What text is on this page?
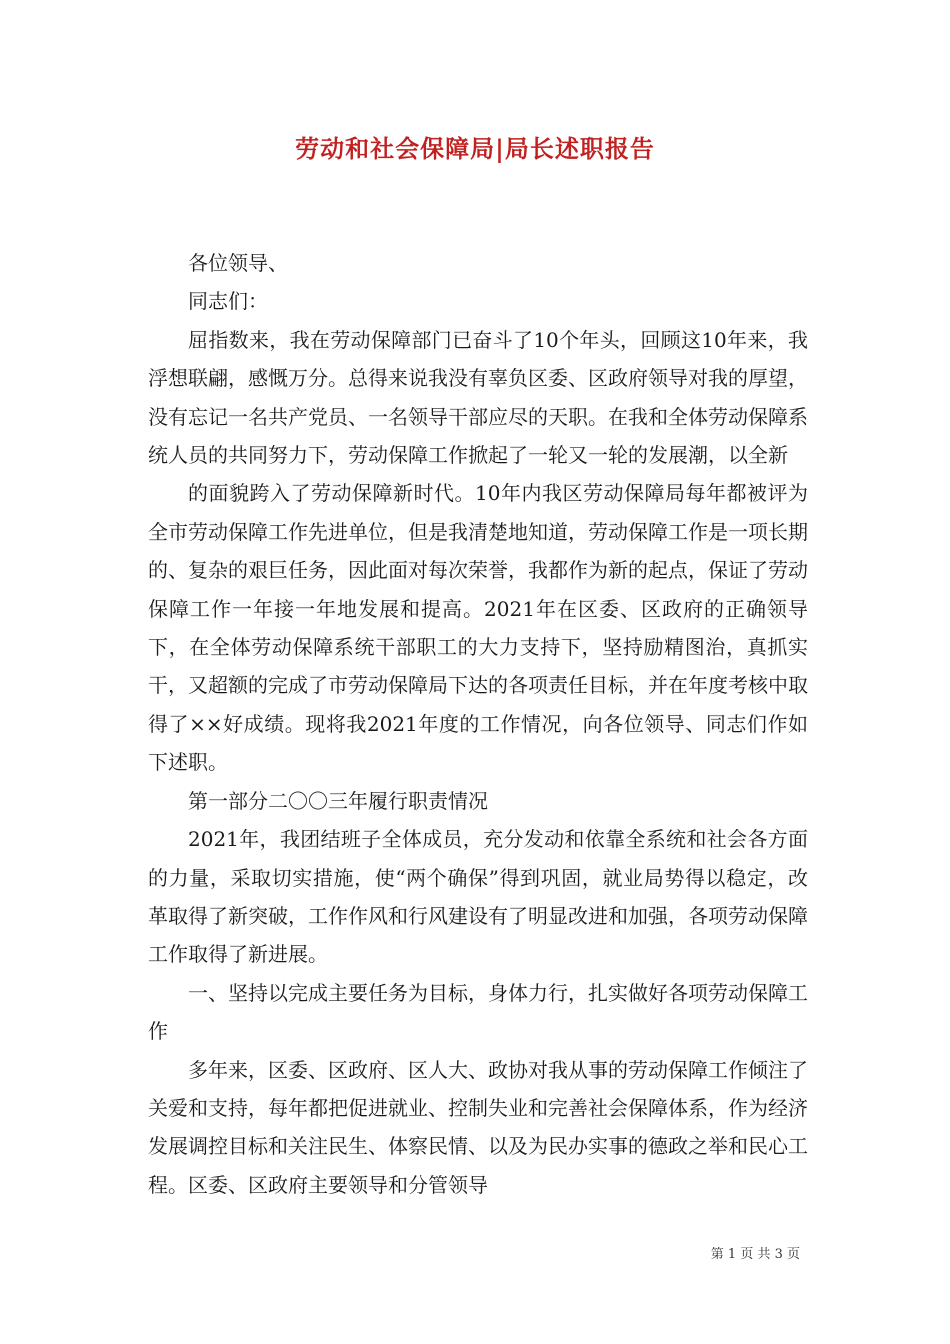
劳动和社会保障局|局长述职报告

各位领导、

同志们：

屈指数来，我在劳动保障部门已奋斗了10个年头，回顾这10年来，我浮想联翩，感慨万分。总得来说我没有辜负区委、区政府领导对我的厚望，没有忘记一名共产党员、一名领导干部应尽的天职。在我和全体劳动保障系统人员的共同努力下，劳动保障工作掀起了一轮又一轮的发展潮，以全新

的面貌跨入了劳动保障新时代。10年内我区劳动保障局每年都被评为全市劳动保障工作先进单位，但是我清楚地知道，劳动保障工作是一项长期的、复杂的艰巨任务，因此面对每次荣誉，我都作为新的起点，保证了劳动保障工作一年接一年地发展和提高。2021年在区委、区政府的正确领导下，在全体劳动保障系统干部职工的大力支持下，坚持励精图治，真抓实干，又超额的完成了市劳动保障局下达的各项责任目标，并在年度考核中取得了××好成绩。现将我2021年度的工作情况，向各位领导、同志们作如下述职。

第一部分二〇〇三年履行职责情况

2021年，我团结班子全体成员，充分发动和依靠全系统和社会各方面的力量，采取切实措施，使“两个确保”得到巩固，就业局势得以稳定，改革取得了新突破，工作作风和行风建设有了明显改进和加强，各项劳动保障工作取得了新进展。

一、坚持以完成主要任务为目标，身体力行，扎实做好各项劳动保障工作

多年来，区委、区政府、区人大、政协对我从事的劳动保障工作倾注了关爱和支持，每年都把促进就业、控制失业和完善社会保障体系，作为经济发展调控目标和关注民生、体察民情、以及为民办实事的德政之举和民心工程。区委、区政府主要领导和分管领导

第 1 页 共 3 页
